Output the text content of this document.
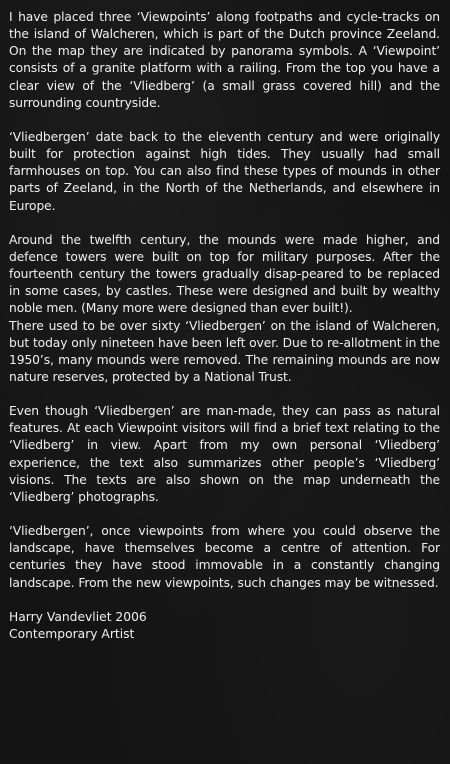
I have placed three ‘Viewpoints’ along footpaths and cycle-tracks on the island of Walcheren, which is part of the Dutch province Zeeland. On the map they are indicated by panorama symbols. A ‘Viewpoint’ consists of a granite platform with a railing. From the top you have a clear view of the ‘Vliedberg’ (a small grass covered hill) and the surrounding countryside.

‘Vliedbergen’ date back to the eleventh century and were originally built for protection against high tides. They usually had small farmhouses on top. You can also find these types of mounds in other parts of Zeeland, in the North of the Netherlands, and elsewhere in Europe.

Around the twelfth century, the mounds were made higher, and defence towers were built on top for military purposes. After the fourteenth century the towers gradually disap-peared to be replaced in some cases, by castles. These were designed and built by wealthy noble men. (Many more were designed than ever built!).

There used to be over sixty ‘Vliedbergen’ on the island of Walcheren, but today only nineteen have been left over. Due to re-allotment in the 1950’s, many mounds were removed. The remaining mounds are now nature reserves, protected by a National Trust.

Even though ‘Vliedbergen’ are man-made, they can pass as natural features. At each Viewpoint visitors will find a brief text relating to the ‘Vliedberg’ in view. Apart from my own personal ‘Vliedberg’ experience, the text also summarizes other people’s ‘Vliedberg’ visions. The texts are also shown on the map underneath the ‘Vliedberg’ photographs.

‘Vliedbergen’, once viewpoints from where you could observe the landscape, have themselves become a centre of attention. For centuries they have stood immovable in a constantly changing landscape. From the new viewpoints, such changes may be witnessed.

Harry Vandevliet 2006
Contemporary Artist
